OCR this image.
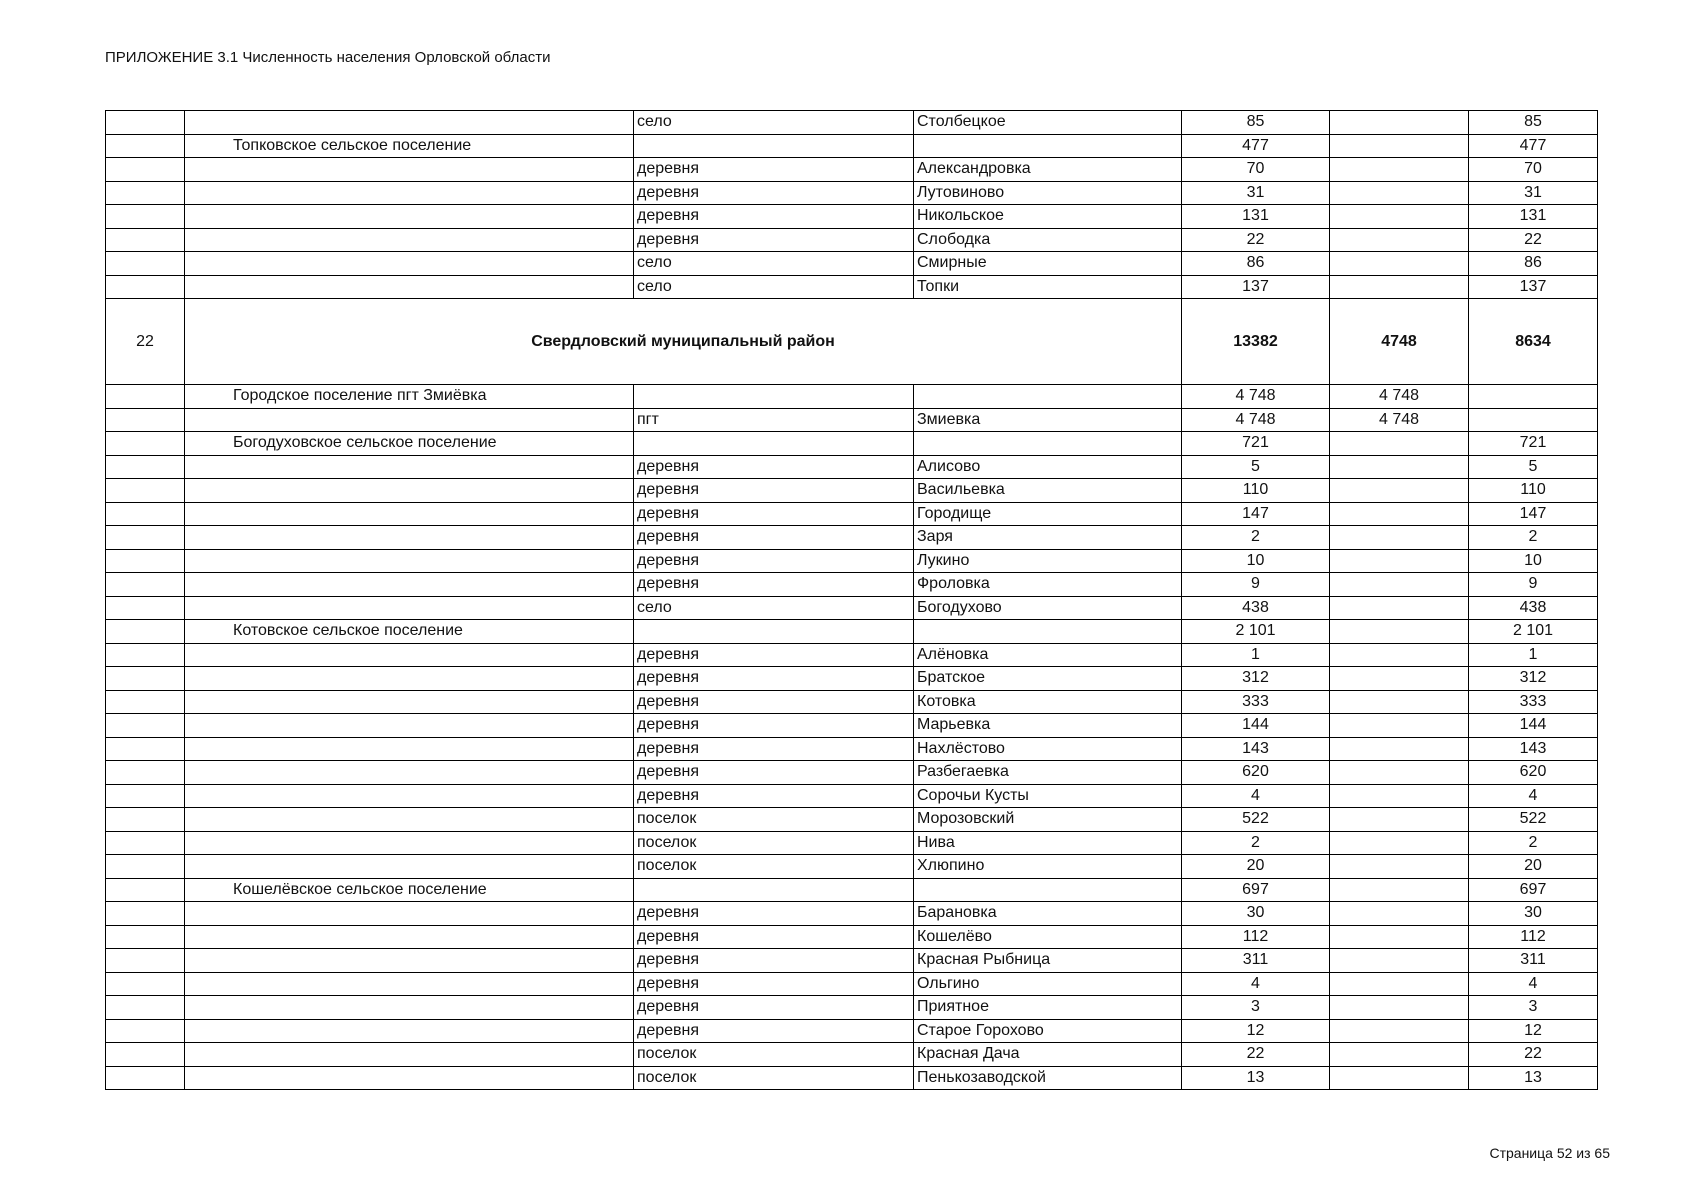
ПРИЛОЖЕНИЕ 3.1 Численность населения Орловской области
		село	Столбецкое	85		85
	Топковское сельское поселение			477		477
		деревня	Александровка	70		70
		деревня	Лутовиново	31		31
		деревня	Никольское	131		131
		деревня	Слободка	22		22
		село	Смирные	86		86
		село	Топки	137		137
22	Свердловский муниципальный район			13382	4748	8634
	Городское поселение пгт Змиёвка			4 748	4 748	
		пгт	Змиевка	4 748	4 748	
	Богодуховское сельское поселение			721		721
		деревня	Алисово	5		5
		деревня	Васильевка	110		110
		деревня	Городище	147		147
		деревня	Заря	2		2
		деревня	Лукино	10		10
		деревня	Фроловка	9		9
		село	Богодухово	438		438
	Котовское сельское поселение			2 101		2 101
		деревня	Алёновка	1		1
		деревня	Братское	312		312
		деревня	Котовка	333		333
		деревня	Марьевка	144		144
		деревня	Нахлёстово	143		143
		деревня	Разбегаевка	620		620
		деревня	Сорочьи Кусты	4		4
		поселок	Морозовский	522		522
		поселок	Нива	2		2
		поселок	Хлюпино	20		20
	Кошелёвское сельское поселение			697		697
		деревня	Барановка	30		30
		деревня	Кошелёво	112		112
		деревня	Красная Рыбница	311		311
		деревня	Ольгино	4		4
		деревня	Приятное	3		3
		деревня	Старое Горохово	12		12
		поселок	Красная Дача	22		22
		поселок	Пенькозаводской	13		13
Страница 52 из 65
